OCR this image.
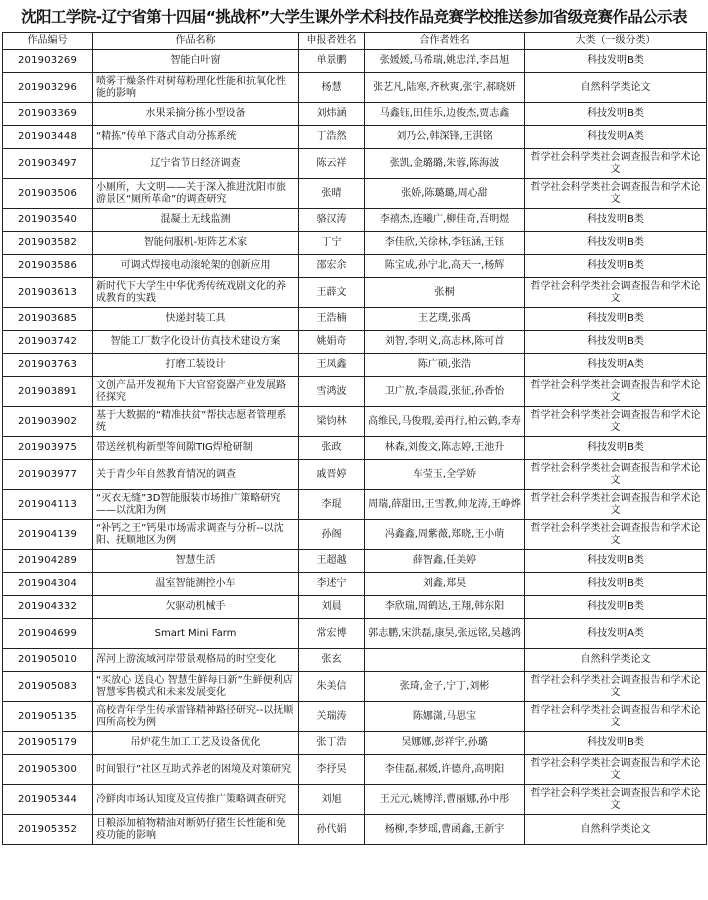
沈阳工学院-辽宁省第十四届“挑战杯”大学生课外学术科技作品竞赛学校推送参加省级竞赛作品公示表
作品编号	作品名称	申报者姓名	合作者姓名	大类（一级分类）
201903269	智能白叶窗	单景鹏	张媛媛,马希瑞,姚忠洋,李昌旭	科技发明B类
201903296	喷雾干燥条件对树莓粉理化性能和抗氧化性能的影响	杨慧	张艺凡,陆寒,齐秋爽,张宇,郝晓妍	自然科学类论文
201903369	水果采摘分拣小型设备	刘炜涵	马鑫钰,田佳乐,边俊杰,贾志鑫	科技发明B类
201903448	“精拣”传单下落式自动分拣系统	丁浩然	刘乃公,韩深锋,王淇铭	科技发明A类
201903497	辽宁省节日经济调查	陈云祥	张凯,金璐璐,朱蓉,陈海波	哲学社会科学类社会调查报告和学术论文
201903506	小厕所，大文明——关于深入推进沈阳市旅游景区“厕所革命”的调查研究	张晴	张娇,陈璐璐,周心甜	哲学社会科学类社会调查报告和学术论文
201903540	混凝土无线监测	骆汉涛	李禧杰,连曦广,柳佳奇,吾明煜	科技发明B类
201903582	智能伺服机-矩阵艺术家	丁宁	李佳欣,关徐林,李钰涵,王钰	科技发明B类
201903586	可调式焊接电动滚轮架的创新应用	邵宏余	陈宝成,孙宁北,高天一,杨辉	科技发明B类
201903613	新时代下大学生中华优秀传统戏剧文化的养成教育的实践	王薜文	张桐	哲学社会科学类社会调查报告和学术论文
201903685	快递封装工具	王浩楠	王艺璞,张禹	科技发明B类
201903742	智能工厂数字化设计仿真技术建设方案	姚娟奇	刘智,李明义,高志林,陈可首	科技发明B类
201903763	打磨工装设计	王凤鑫	陈广硕,张浩	科技发明A类
201903891	文创产品开发视角下大官窑瓷器产业发展路径探究	雪鸿波	卫广敖,李晨霞,张征,孙香怡	哲学社会科学类社会调查报告和学术论文
201903902	基于大数据的“精准扶贫”帮扶志愿者管理系统	梁钧林	高维民,马俊瑕,姜再行,柏云鹤,李寿	哲学社会科学类社会调查报告和学术论文
201903975	带送丝机构新型等间隙TIG焊枪研制	张政	林森,刘俊文,陈志婷,王池升	科技发明B类
201903977	关于青少年自然教育情况的调查	戚晋婷	车莹玉,全学娇	哲学社会科学类社会调查报告和学术论文
201904113	“灭衣无缝”3D智能服装市场推广策略研究 ——以沈阳为例	李琨	周瑞,薛甜田,王雪教,帅龙涛,王峥烨	哲学社会科学类社会调查报告和学术论文
201904139	“补钙之王”钙果市场需求调查与分析--以沈阳、抚顺地区为例	孙阁	冯鑫鑫,周紫薇,郑晓,王小萌	哲学社会科学类社会调查报告和学术论文
201904289	智慧生活	王超越	薛智鑫,任美婷	科技发明B类
201904304	温室智能测控小车	李述宁	刘鑫,郑昊	科技发明B类
201904332	欠驱动机械手	刘晨	李欣瑞,周鹤达,王翔,韩东阳	科技发明B类
201904699	Smart Mini Farm	常宏博	郭志鹏,宋洪磊,康昊,张远铭,吴越鸿	科技发明A类
201905010	浑河上游流域河岸带景观格局的时空变化	张玄		自然科学类论文
201905083	“买放心 送良心 智慧生鲜每日新”生鲜便利店智慧零售模式和未来发展变化	朱美信	张琦,金子,宁丁,刘彬	哲学社会科学类社会调查报告和学术论文
201905135	高校青年学生传承雷锋精神路径研究--以抚顺四所高校为例	关瑞涛	陈娜潇,马思宝	哲学社会科学类社会调查报告和学术论文
201905179	吊炉花生加工工艺及设备优化	张丁浩	吴娜娜,彭祥宇,孙璐	科技发明B类
201905300	时间银行”社区互助式养老的困境及对策研究	李抒昊	李佳磊,郝媛,许德舟,高明阳	哲学社会科学类社会调查报告和学术论文
201905344	冷鲜肉市场认知度及宣传推广策略调查研究	刘旭	王元元,姚博洋,曹丽娜,孙中彤	哲学社会科学类社会调查报告和学术论文
201905352	日粮添加植物精油对断奶仔猪生长性能和免疫功能的影响	孙代娟	杨柳,李梦瑶,曹函鑫,王新宇	自然科学类论文
